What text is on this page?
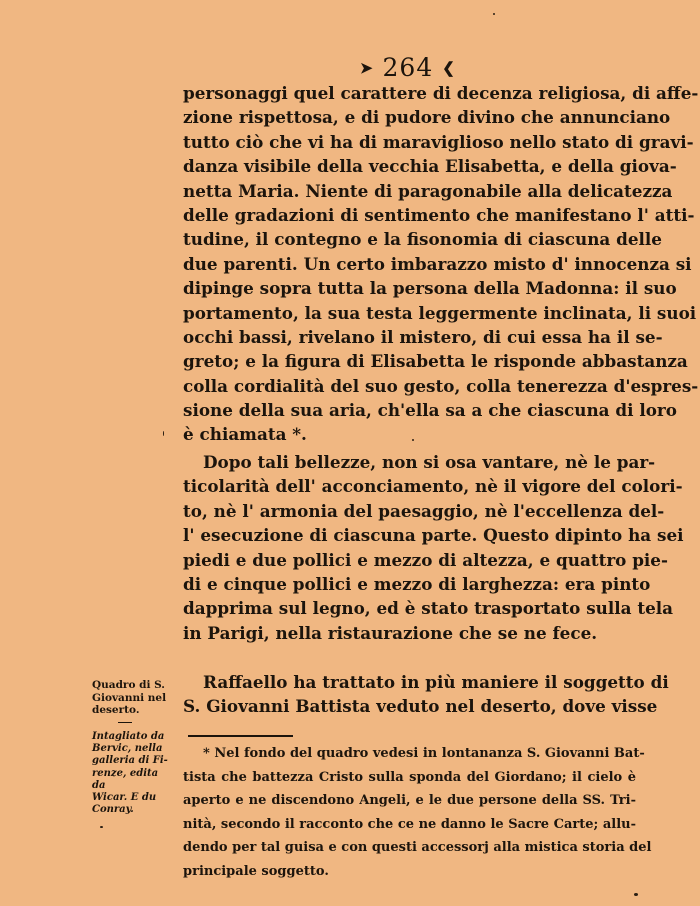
➤ 264 ❮
personaggi quel carattere di decenza religiosa, di affe-
zione rispettosa, e di pudore divino che annunciano
tutto ciò che vi ha di maraviglioso nello stato di gravi-
danza visibile della vecchia Elisabetta, e della giova-
netta Maria. Niente di paragonabile alla delicatezza
delle gradazioni di sentimento che manifestano l' atti-
tudine, il contegno e la fisonomia di ciascuna delle
due parenti. Un certo imbarazzo misto d' innocenza si
dipinge sopra tutta la persona della Madonna: il suo
portamento, la sua testa leggermente inclinata, li suoi
occhi bassi, rivelano il mistero, di cui essa ha il se-
greto; e la figura di Elisabetta le risponde abbastanza
colla cordialità del suo gesto, colla tenerezza d'espres-
sione della sua aria, ch'ella sa a che ciascuna di loro
è chiamata *.
Dopo tali bellezze, non si osa vantare, nè le par-
ticolarità dell' acconciamento, nè il vigore del colori-
to, nè l' armonia del paesaggio, nè l'eccellenza del-
l' esecuzione di ciascuna parte. Questo dipinto ha sei
piedi e due pollici e mezzo di altezza, e quattro pie-
di e cinque pollici e mezzo di larghezza: era pinto
dapprima sul legno, ed è stato trasportato sulla tela
in Parigi, nella ristaurazione che se ne fece.
Raffaello ha trattato in più maniere il soggetto di
S. Giovanni Battista veduto nel deserto, dove visse
* Nel fondo del quadro vedesi in lontananza S. Giovanni Bat-
tista che battezza Cristo sulla sponda del Giordano; il cielo è
aperto e ne discendono Angeli, e le due persone della SS. Tri-
nità, secondo il racconto che ce ne danno le Sacre Carte; allu-
dendo per tal guisa e con questi accessorj alla mistica storia del
principale soggetto.
Quadro di S.
Giovanni nel
deserto.
Intagliato da
Bervic, nella
galleria di Fi-
renze, edita da
Wicar. E du
Conray.
